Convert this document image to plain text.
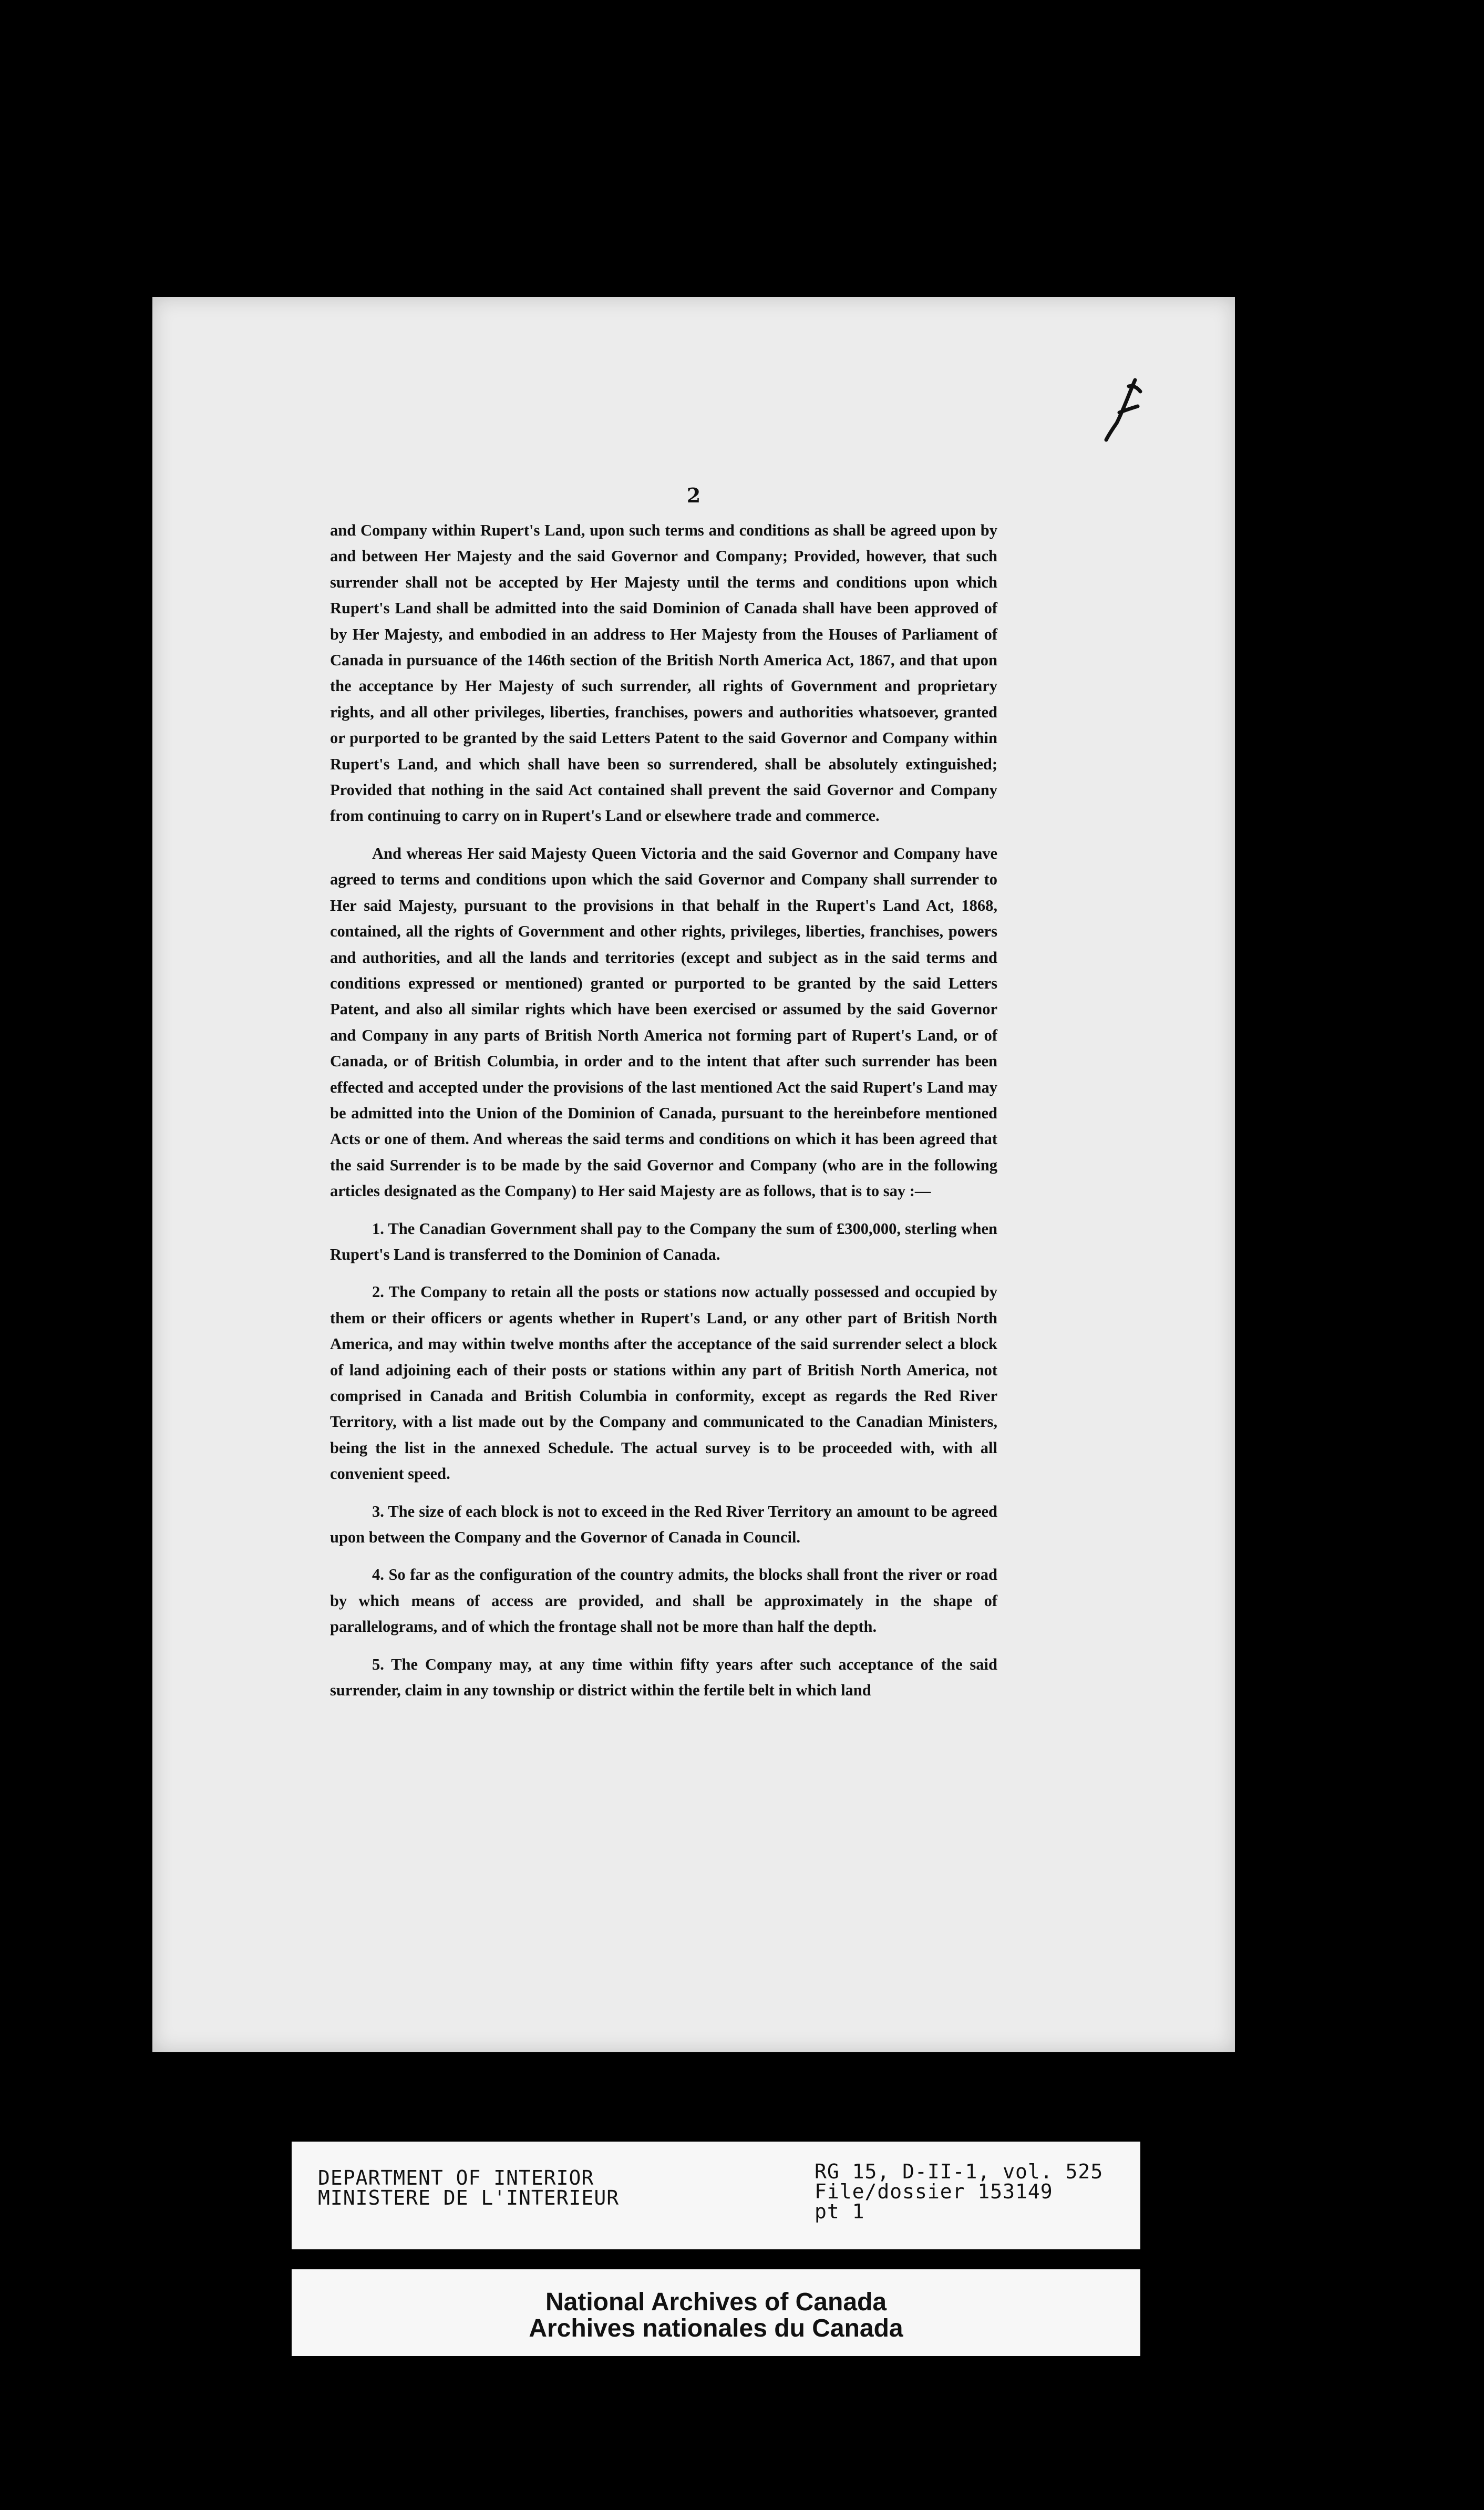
2

and Company within Rupert's Land, upon such terms and conditions as shall be agreed upon by and between Her Majesty and the said Governor and Company; Provided, however, that such surrender shall not be accepted by Her Majesty until the terms and conditions upon which Rupert's Land shall be admitted into the said Dominion of Canada shall have been approved of by Her Majesty, and embodied in an address to Her Majesty from the Houses of Parliament of Canada in pursuance of the 146th section of the British North America Act, 1867, and that upon the acceptance by Her Majesty of such surrender, all rights of Government and proprietary rights, and all other privileges, liberties, franchises, powers and authorities whatsoever, granted or purported to be granted by the said Letters Patent to the said Governor and Company within Rupert's Land, and which shall have been so surrendered, shall be absolutely extinguished; Provided that nothing in the said Act contained shall prevent the said Governor and Company from continuing to carry on in Rupert's Land or elsewhere trade and commerce.

And whereas Her said Majesty Queen Victoria and the said Governor and Company have agreed to terms and conditions upon which the said Governor and Company shall surrender to Her said Majesty, pursuant to the provisions in that behalf in the Rupert's Land Act, 1868, contained, all the rights of Government and other rights, privileges, liberties, franchises, powers and authorities, and all the lands and territories (except and subject as in the said terms and conditions expressed or mentioned) granted or purported to be granted by the said Letters Patent, and also all similar rights which have been exercised or assumed by the said Governor and Company in any parts of British North America not forming part of Rupert's Land, or of Canada, or of British Columbia, in order and to the intent that after such surrender has been effected and accepted under the provisions of the last mentioned Act the said Rupert's Land may be admitted into the Union of the Dominion of Canada, pursuant to the hereinbefore mentioned Acts or one of them. And whereas the said terms and conditions on which it has been agreed that the said Surrender is to be made by the said Governor and Company (who are in the following articles designated as the Company) to Her said Majesty are as follows, that is to say :—

1. The Canadian Government shall pay to the Company the sum of £300,000, sterling when Rupert's Land is transferred to the Dominion of Canada.

2. The Company to retain all the posts or stations now actually possessed and occupied by them or their officers or agents whether in Rupert's Land, or any other part of British North America, and may within twelve months after the acceptance of the said surrender select a block of land adjoining each of their posts or stations within any part of British North America, not comprised in Canada and British Columbia in conformity, except as regards the Red River Territory, with a list made out by the Company and communicated to the Canadian Ministers, being the list in the annexed Schedule. The actual survey is to be proceeded with, with all convenient speed.

3. The size of each block is not to exceed in the Red River Territory an amount to be agreed upon between the Company and the Governor of Canada in Council.

4. So far as the configuration of the country admits, the blocks shall front the river or road by which means of access are provided, and shall be approximately in the shape of parallelograms, and of which the frontage shall not be more than half the depth.

5. The Company may, at any time within fifty years after such acceptance of the said surrender, claim in any township or district within the fertile belt in which land

DEPARTMENT OF INTERIOR
MINISTERE DE L'INTERIEUR
RG 15, D-II-1, vol. 525
File/dossier 153149
pt 1
National Archives of Canada
Archives nationales du Canada
